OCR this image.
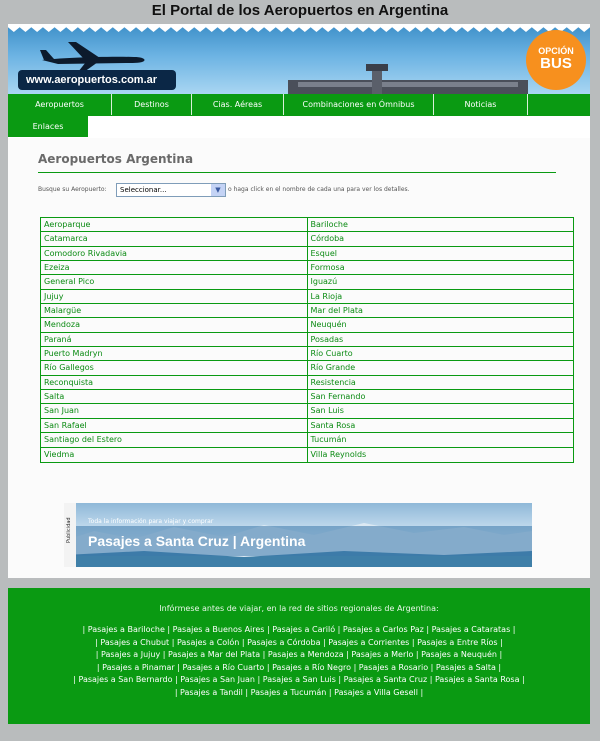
El Portal de los Aeropuertos en Argentina
www.aeropuertos.com.ar
OPCIÓN
BUS
Aeropuertos	Destinos	Cias. Aéreas	Combinaciones en Ómnibus	Noticias
Enlaces
Aeropuertos Argentina
Busque su Aeropuerto:	Seleccionar...	▼	o haga click en el nombre de cada una para ver los detalles.
Aeroparque	Bariloche
Catamarca	Córdoba
Comodoro Rivadavia	Esquel
Ezeiza	Formosa
General Pico	Iguazú
Jujuy	La Rioja
Malargüe	Mar del Plata
Mendoza	Neuquén
Paraná	Posadas
Puerto Madryn	Río Cuarto
Río Gallegos	Río Grande
Reconquista	Resistencia
Salta	San Fernando
San Juan	San Luis
San Rafael	Santa Rosa
Santiago del Estero	Tucumán
Viedma	Villa Reynolds
Publicidad	Toda la información para viajar y comprar
Pasajes a Santa Cruz | Argentina
Infórmese antes de viajar, en la red de sitios regionales de Argentina:
| Pasajes a Bariloche | Pasajes a Buenos Aires | Pasajes a Cariló | Pasajes a Carlos Paz | Pasajes a Cataratas |
| Pasajes a Chubut | Pasajes a Colón | Pasajes a Córdoba | Pasajes a Corrientes | Pasajes a Entre Ríos |
| Pasajes a Jujuy | Pasajes a Mar del Plata | Pasajes a Mendoza | Pasajes a Merlo | Pasajes a Neuquén |
| Pasajes a Pinamar | Pasajes a Río Cuarto | Pasajes a Río Negro | Pasajes a Rosario | Pasajes a Salta |
| Pasajes a San Bernardo | Pasajes a San Juan | Pasajes a San Luis | Pasajes a Santa Cruz | Pasajes a Santa Rosa |
| Pasajes a Tandil | Pasajes a Tucumán | Pasajes a Villa Gesell |
